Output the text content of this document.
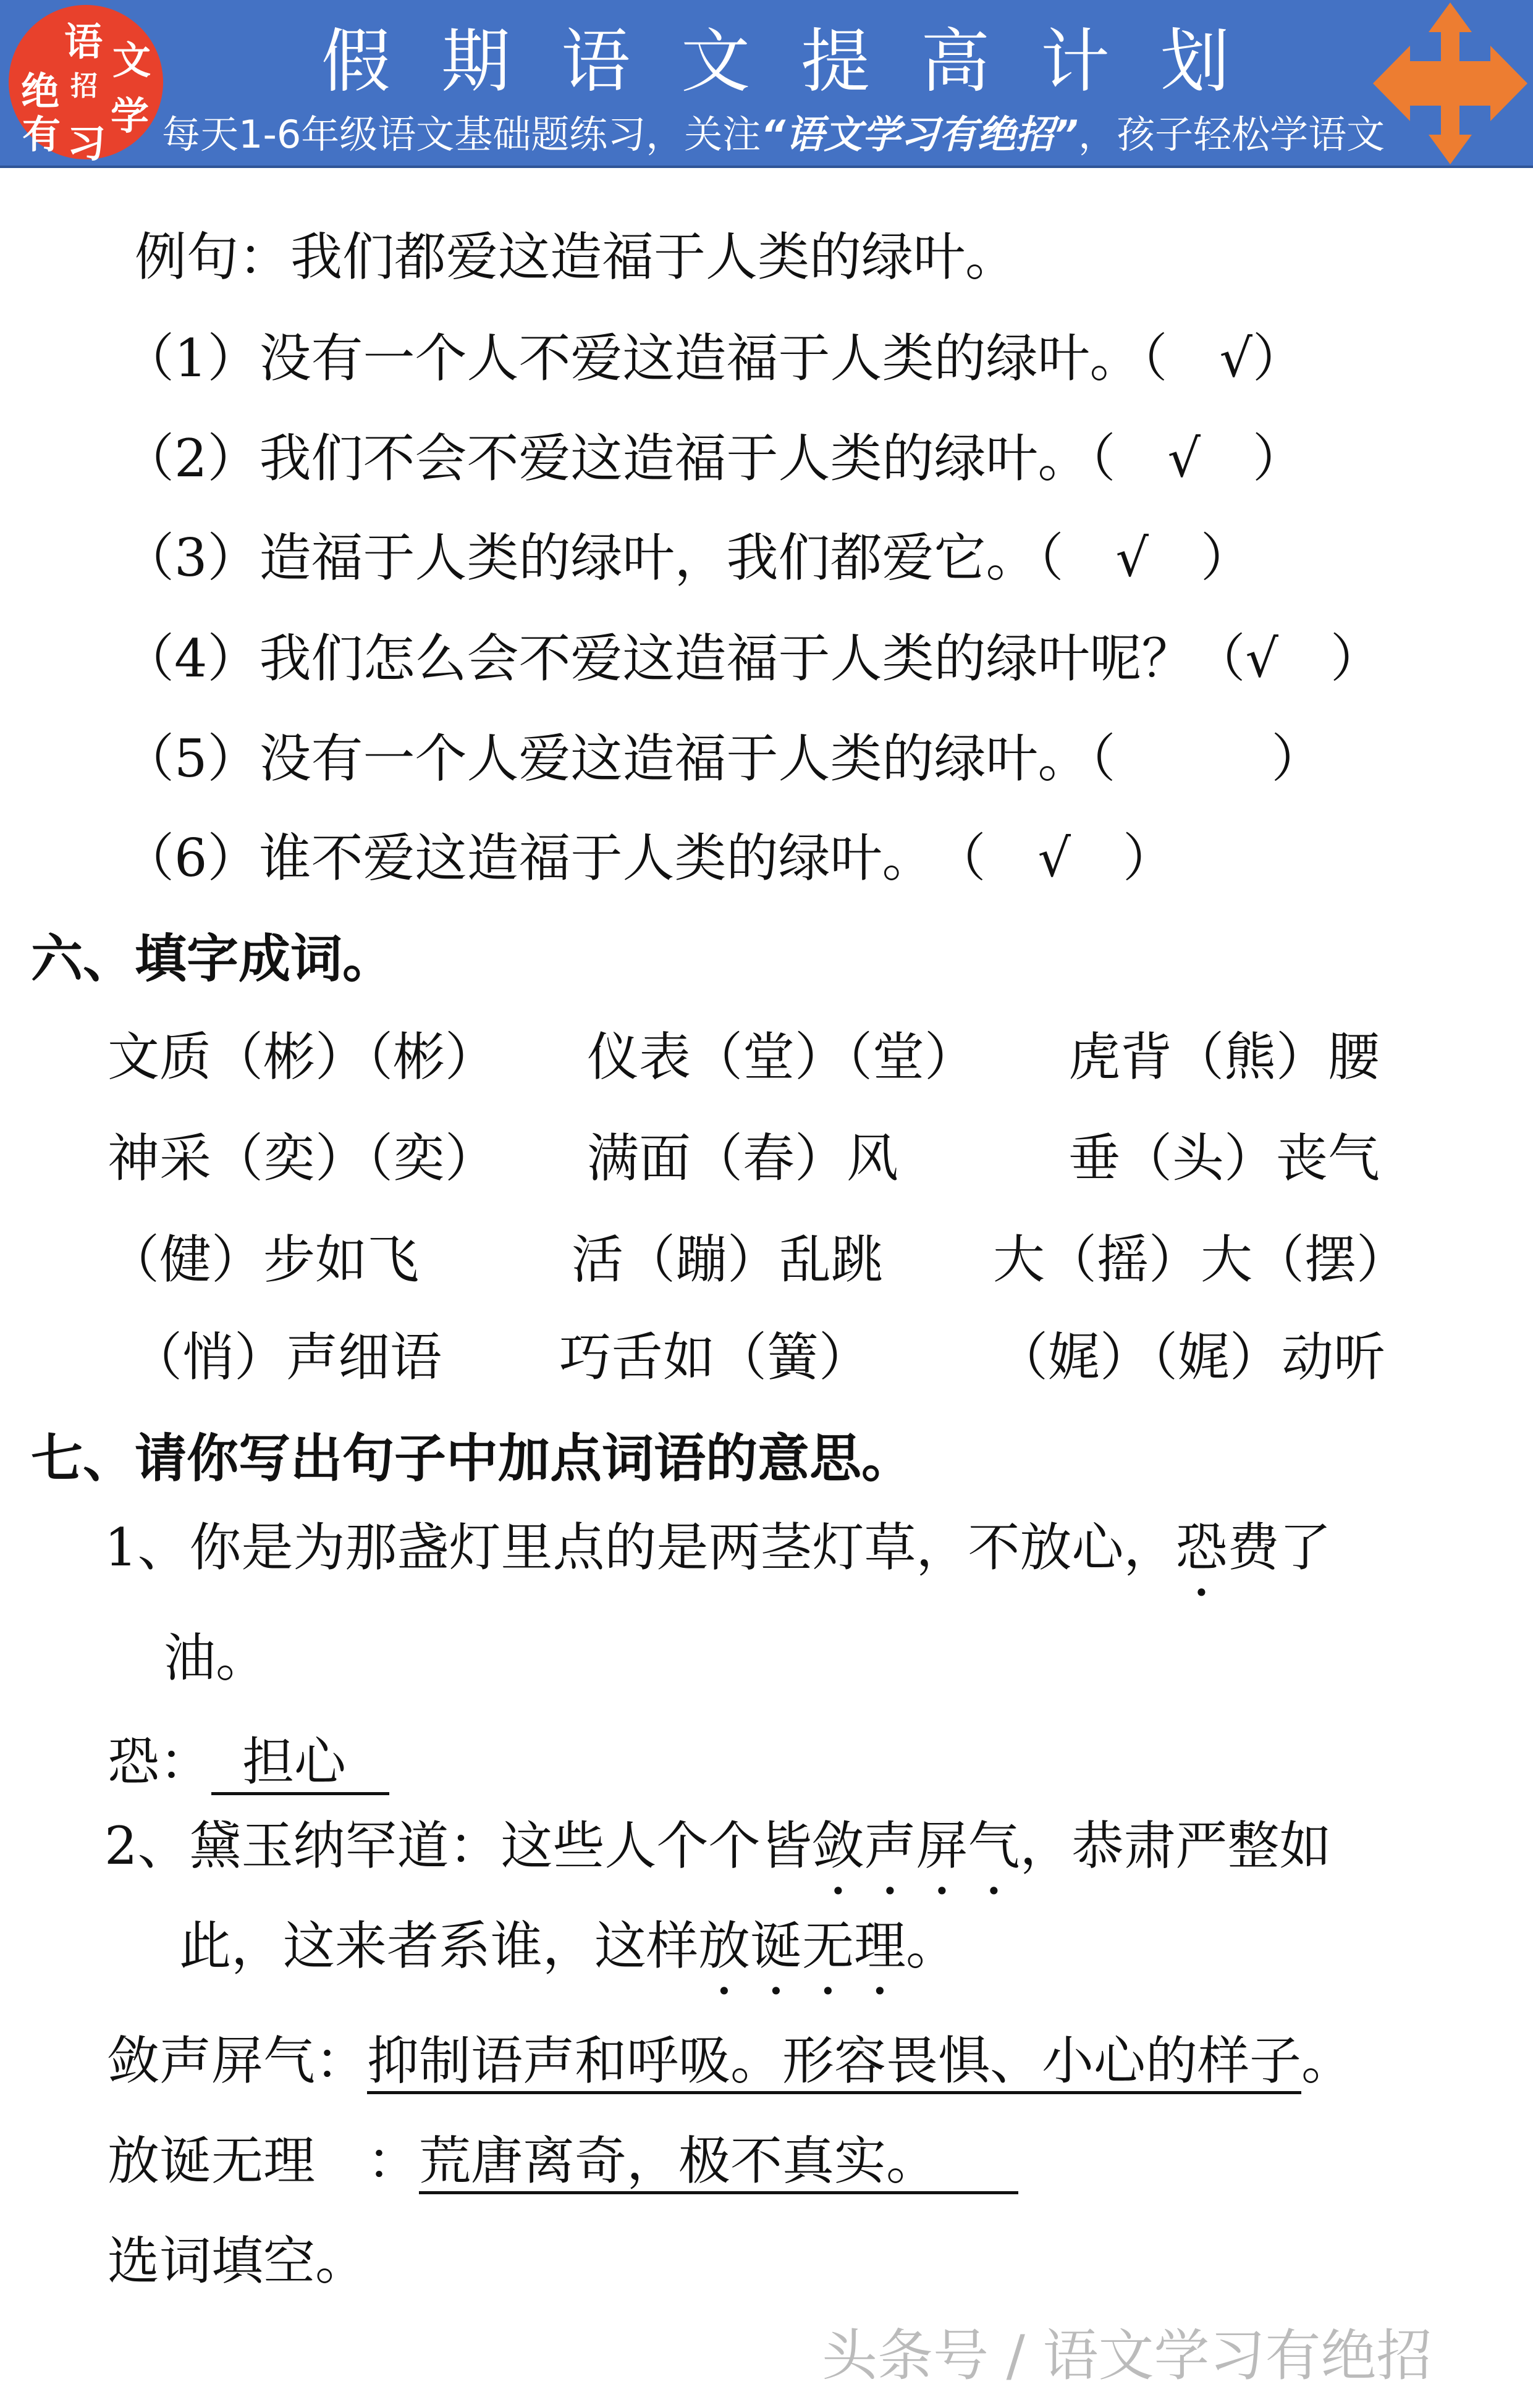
绝
语 文
招
有 习
学
假期语文提高计划
每天1-6年级语文基础题练习，关注“语文学习有绝招”，孩子轻松学语文
例句：我们都爱这造福于人类的绿叶。
（1）没有一个人不爱这造福于人类的绿叶。（　√）
（2）我们不会不爱这造福于人类的绿叶。（　√　）
（3）造福于人类的绿叶，我们都爱它。（　√　）
（4）我们怎么会不爱这造福于人类的绿叶呢？（√　）
（5）没有一个人爱这造福于人类的绿叶。（　　　）
（6）谁不爱这造福于人类的绿叶。　（　√　）
六、填字成词。
文质（彬）（彬） 仪表（堂）（堂） 虎背（熊）腰
神采（奕）（奕） 满面（春）风	垂（头）丧气
（健）步如飞	活（蹦）乱跳 大（摇）大（摆）
（悄）声细语 巧舌如（簧） （娓）（娓）动听
七、请你写出句子中加点词语的意思。
1、你是为那盏灯里点的是两茎灯草，不放心，恐费了
油。
恐： 担心
2、黛玉纳罕道：这些人个个皆敛声屏气，恭肃严整如
此，这来者系谁，这样放诞无理。
敛声屏气：抑制语声和呼吸。形容畏惧、小心的样子。
放诞无理　：荒唐离奇，极不真实。
选词填空。
头条号 / 语文学习有绝招
